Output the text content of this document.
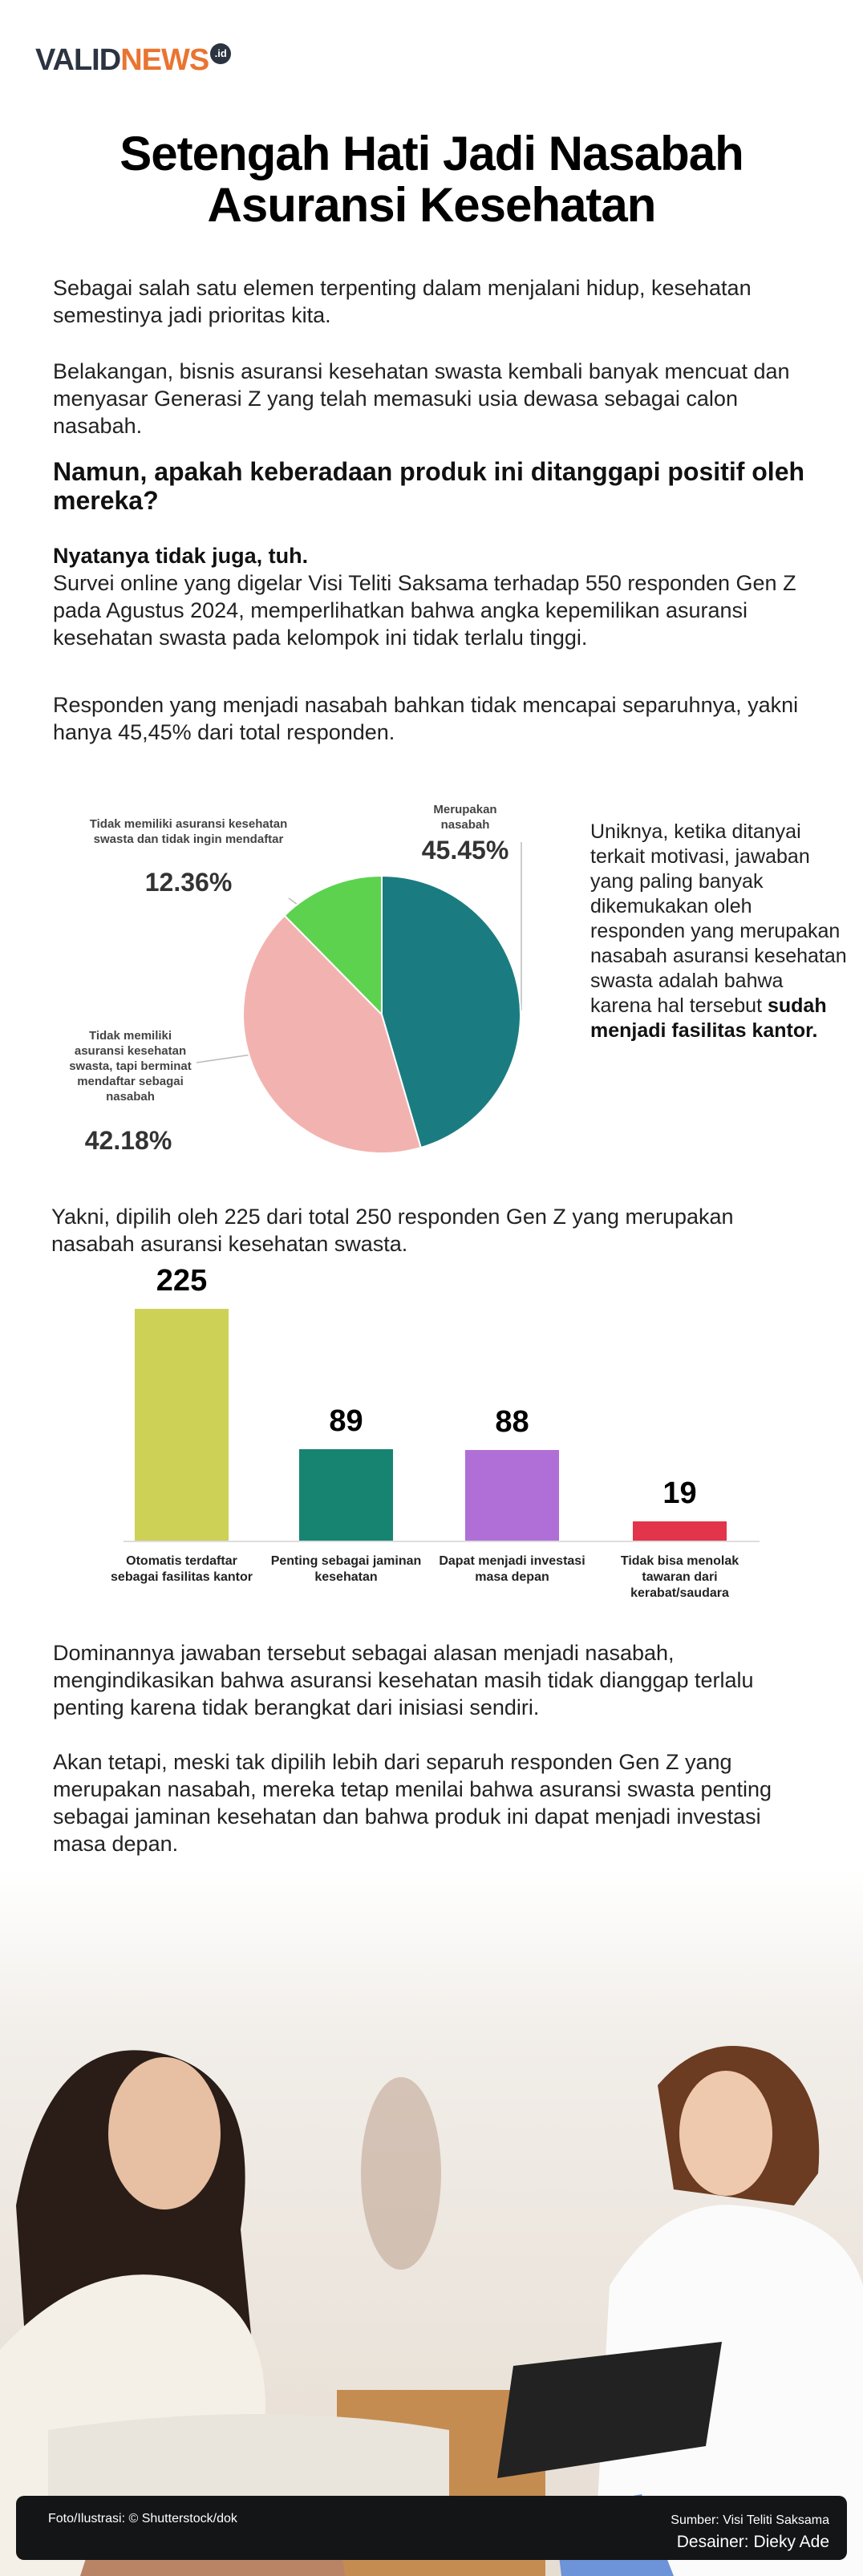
VALIDNEWS .id
Setengah Hati Jadi Nasabah
Asuransi Kesehatan
Sebagai salah satu elemen terpenting dalam menjalani hidup, kesehatan semestinya jadi prioritas kita.
Belakangan, bisnis asuransi kesehatan swasta kembali banyak mencuat dan menyasar Generasi Z yang telah memasuki usia dewasa sebagai calon nasabah.
Namun, apakah keberadaan produk ini ditanggapi positif oleh mereka?
Nyatanya tidak juga, tuh.
Survei online yang digelar Visi Teliti Saksama terhadap 550 responden Gen Z pada Agustus 2024, memperlihatkan bahwa angka kepemilikan asuransi kesehatan swasta pada kelompok ini tidak terlalu tinggi.
Responden yang menjadi nasabah bahkan tidak mencapai separuhnya, yakni hanya 45,45% dari total responden.
Merupakan nasabah
45.45%
Tidak memiliki asuransi kesehatan swasta dan tidak ingin mendaftar
12.36%
Tidak memiliki asuransi kesehatan swasta, tapi berminat mendaftar sebagai nasabah
42.18%
Uniknya, ketika ditanyai terkait motivasi, jawaban yang paling banyak dikemukakan oleh responden yang merupakan nasabah asuransi kesehatan swasta adalah bahwa karena hal tersebut sudah menjadi fasilitas kantor.
Yakni, dipilih oleh 225 dari total 250 responden Gen Z yang merupakan nasabah asuransi kesehatan swasta.
225
Otomatis terdaftar sebagai fasilitas kantor
89
Penting sebagai jaminan kesehatan
88
Dapat menjadi investasi masa depan
19
Tidak bisa menolak tawaran dari kerabat/saudara
Dominannya jawaban tersebut sebagai alasan menjadi nasabah, mengindikasikan bahwa asuransi kesehatan masih tidak dianggap terlalu penting karena tidak berangkat dari inisiasi sendiri.
Akan tetapi, meski tak dipilih lebih dari separuh responden Gen Z yang merupakan nasabah, mereka tetap menilai bahwa asuransi swasta penting sebagai jaminan kesehatan dan bahwa produk ini dapat menjadi investasi masa depan.
Foto/Ilustrasi: © Shutterstock/dok	Sumber: Visi Teliti Saksama
Desainer: Dieky Ade
